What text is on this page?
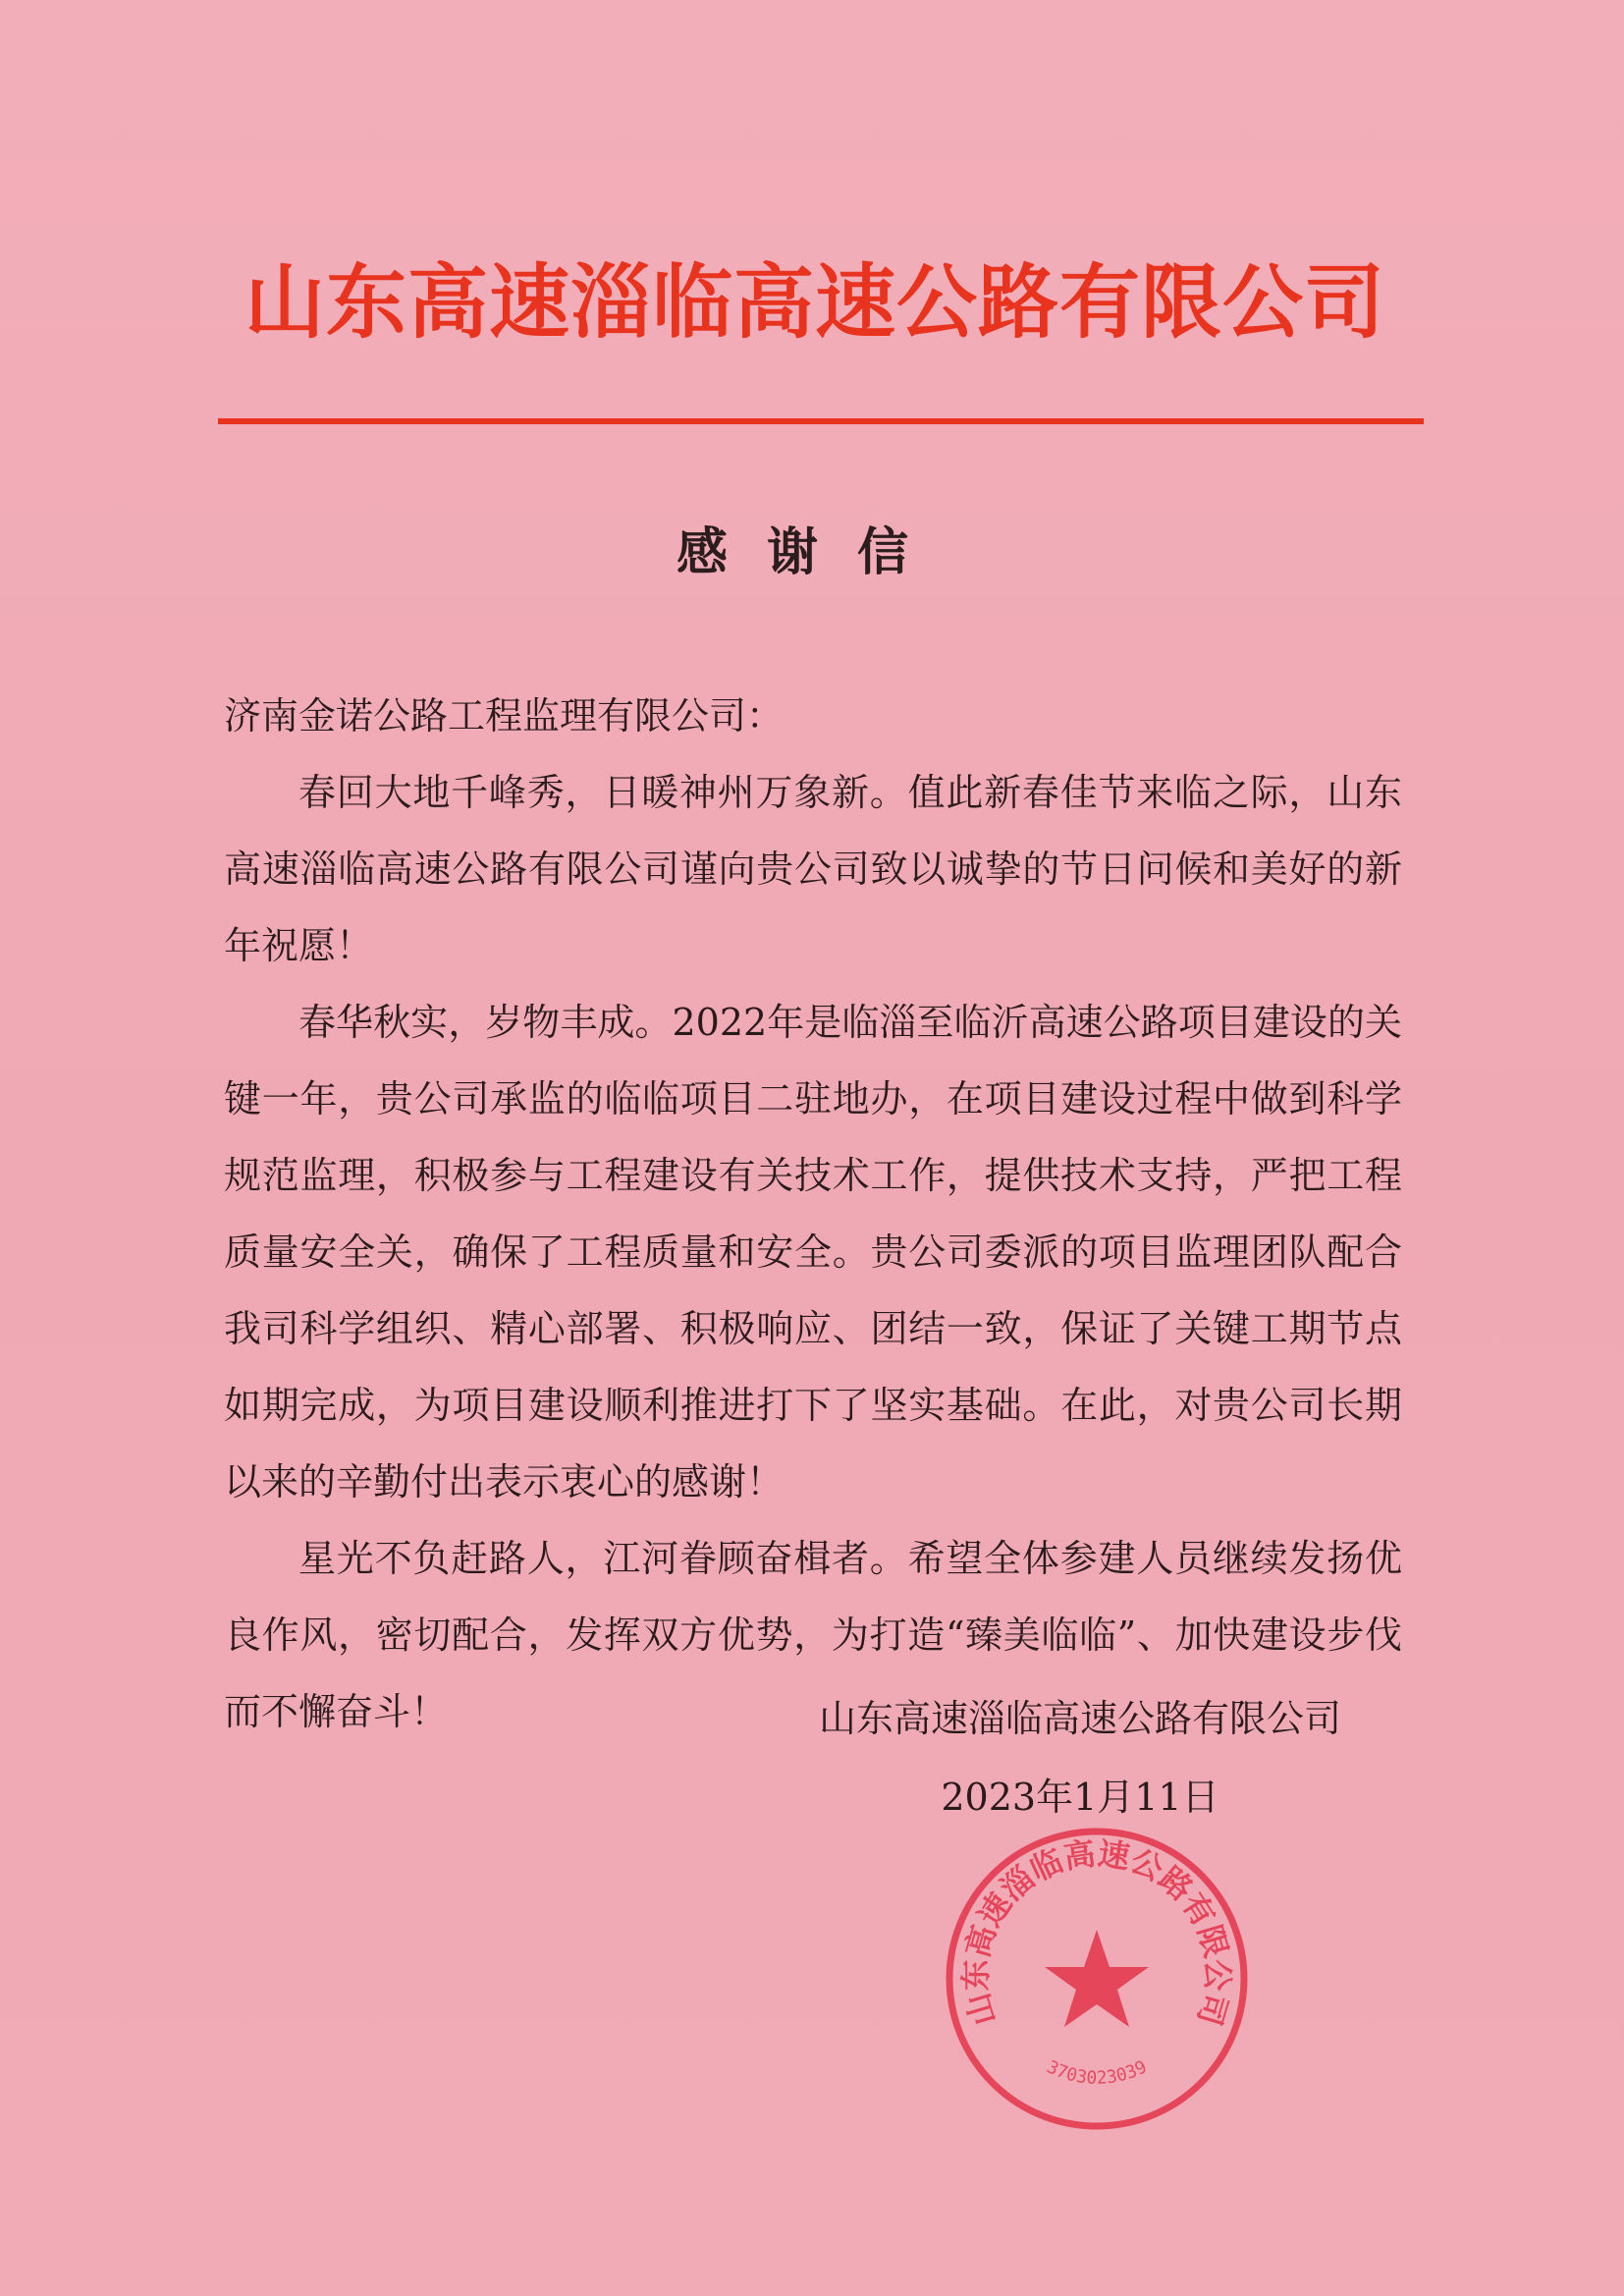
山东高速淄临高速公路有限公司
感谢信

济南金诺公路工程监理有限公司：

春回大地千峰秀，日暖神州万象新。值此新春佳节来临之际，山东高速淄临高速公路有限公司谨向贵公司致以诚挚的节日问候和美好的新年祝愿！

春华秋实，岁物丰成。2022年是临淄至临沂高速公路项目建设的关键一年，贵公司承监的临临项目二驻地办，在项目建设过程中做到科学规范监理，积极参与工程建设有关技术工作，提供技术支持，严把工程质量安全关，确保了工程质量和安全。贵公司委派的项目监理团队配合我司科学组织、精心部署、积极响应、团结一致，保证了关键工期节点如期完成，为项目建设顺利推进打下了坚实基础。在此，对贵公司长期以来的辛勤付出表示衷心的感谢！

星光不负赶路人，江河眷顾奋楫者。希望全体参建人员继续发扬优良作风，密切配合，发挥双方优势，为打造“臻美临临”、加快建设步伐而不懈奋斗！

山东高速淄临高速公路有限公司
3703023039
山东高速淄临高速公路有限公司
2023年1月11日
